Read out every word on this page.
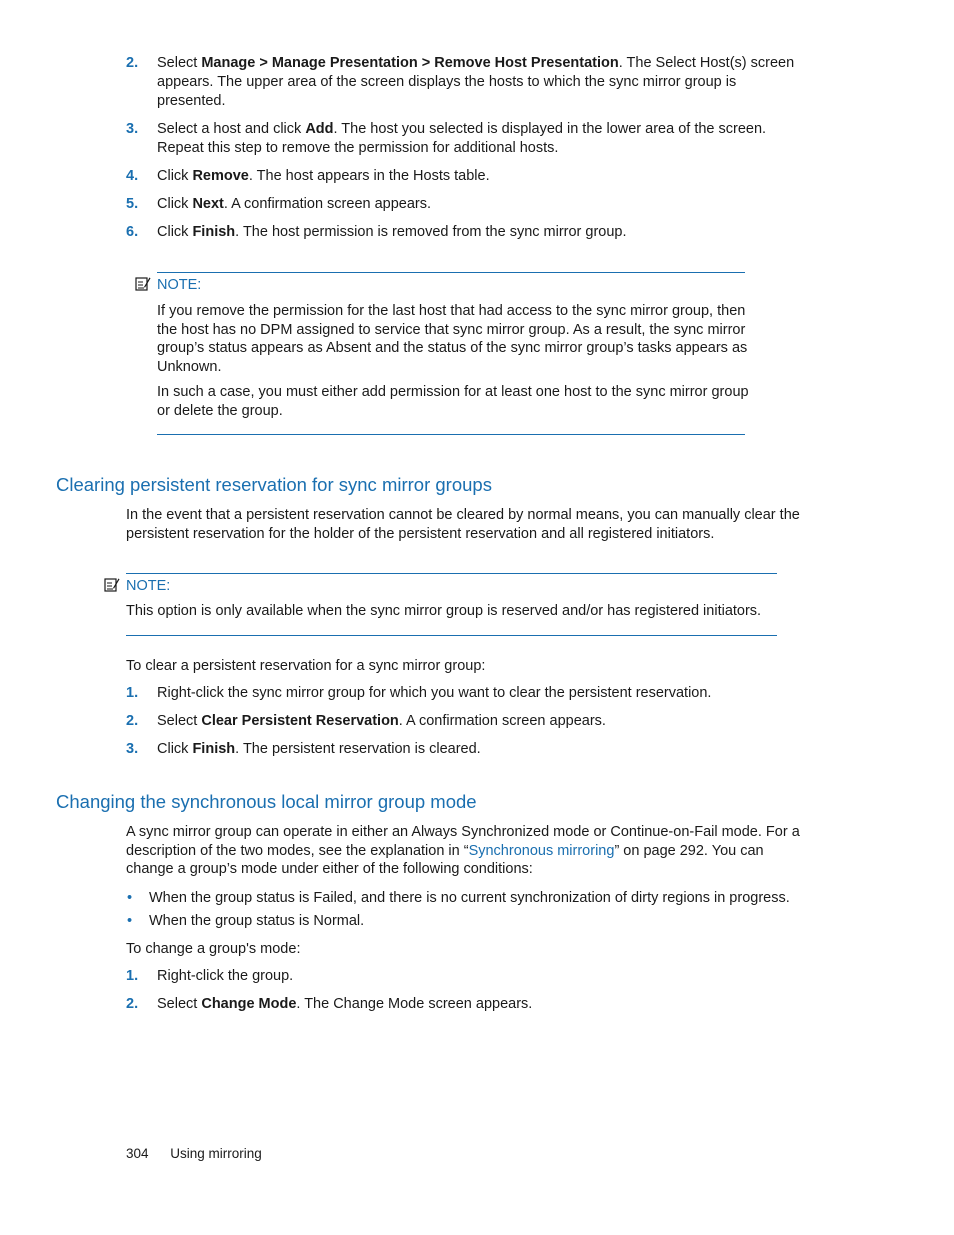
2.	Select Manage > Manage Presentation > Remove Host Presentation. The Select Host(s) screen appears. The upper area of the screen displays the hosts to which the sync mirror group is presented.
3.	Select a host and click Add. The host you selected is displayed in the lower area of the screen. Repeat this step to remove the permission for additional hosts.
4.	Click Remove. The host appears in the Hosts table.
5.	Click Next. A confirmation screen appears.
6.	Click Finish. The host permission is removed from the sync mirror group.
NOTE:

If you remove the permission for the last host that had access to the sync mirror group, then the host has no DPM assigned to service that sync mirror group. As a result, the sync mirror group’s status appears as Absent and the status of the sync mirror group’s tasks appears as Unknown.

In such a case, you must either add permission for at least one host to the sync mirror group or delete the group.

Clearing persistent reservation for sync mirror groups

In the event that a persistent reservation cannot be cleared by normal means, you can manually clear the persistent reservation for the holder of the persistent reservation and all registered initiators.

NOTE:

This option is only available when the sync mirror group is reserved and/or has registered initiators.

To clear a persistent reservation for a sync mirror group:

1.	Right-click the sync mirror group for which you want to clear the persistent reservation.
2.	Select Clear Persistent Reservation. A confirmation screen appears.
3.	Click Finish. The persistent reservation is cleared.
Changing the synchronous local mirror group mode

A sync mirror group can operate in either an Always Synchronized mode or Continue-on-Fail mode. For a description of the two modes, see the explanation in “Synchronous mirroring” on page 292. You can change a group’s mode under either of the following conditions:

•	When the group status is Failed, and there is no current synchronization of dirty regions in progress.
•	When the group status is Normal.

To change a group's mode:

1.	Right-click the group.
2.	Select Change Mode. The Change Mode screen appears.
304 Using mirroring
